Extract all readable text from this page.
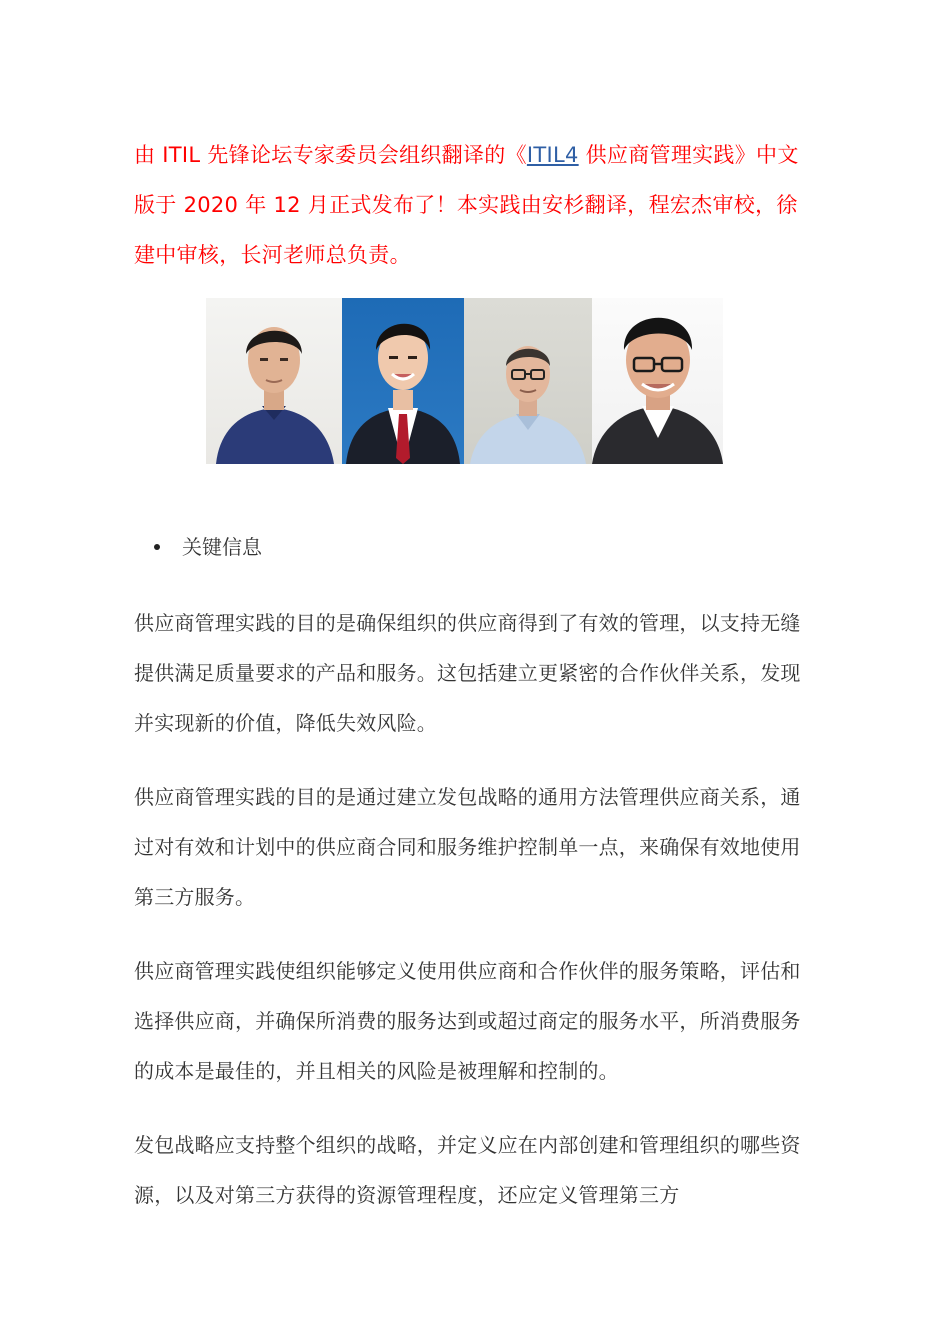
由 ITIL 先锋论坛专家委员会组织翻译的《ITIL4 供应商管理实践》中文版于 2020 年 12 月正式发布了！本实践由安杉翻译，程宏杰审校，徐建中审核，长河老师总负责。
关键信息
供应商管理实践的目的是确保组织的供应商得到了有效的管理，以支持无缝提供满足质量要求的产品和服务。这包括建立更紧密的合作伙伴关系，发现并实现新的价值，降低失效风险。
供应商管理实践的目的是通过建立发包战略的通用方法管理供应商关系，通过对有效和计划中的供应商合同和服务维护控制单一点，来确保有效地使用第三方服务。
供应商管理实践使组织能够定义使用供应商和合作伙伴的服务策略，评估和选择供应商，并确保所消费的服务达到或超过商定的服务水平，所消费服务的成本是最佳的，并且相关的风险是被理解和控制的。
发包战略应支持整个组织的战略，并定义应在内部创建和管理组织的哪些资源，以及对第三方获得的资源管理程度，还应定义管理第三方
